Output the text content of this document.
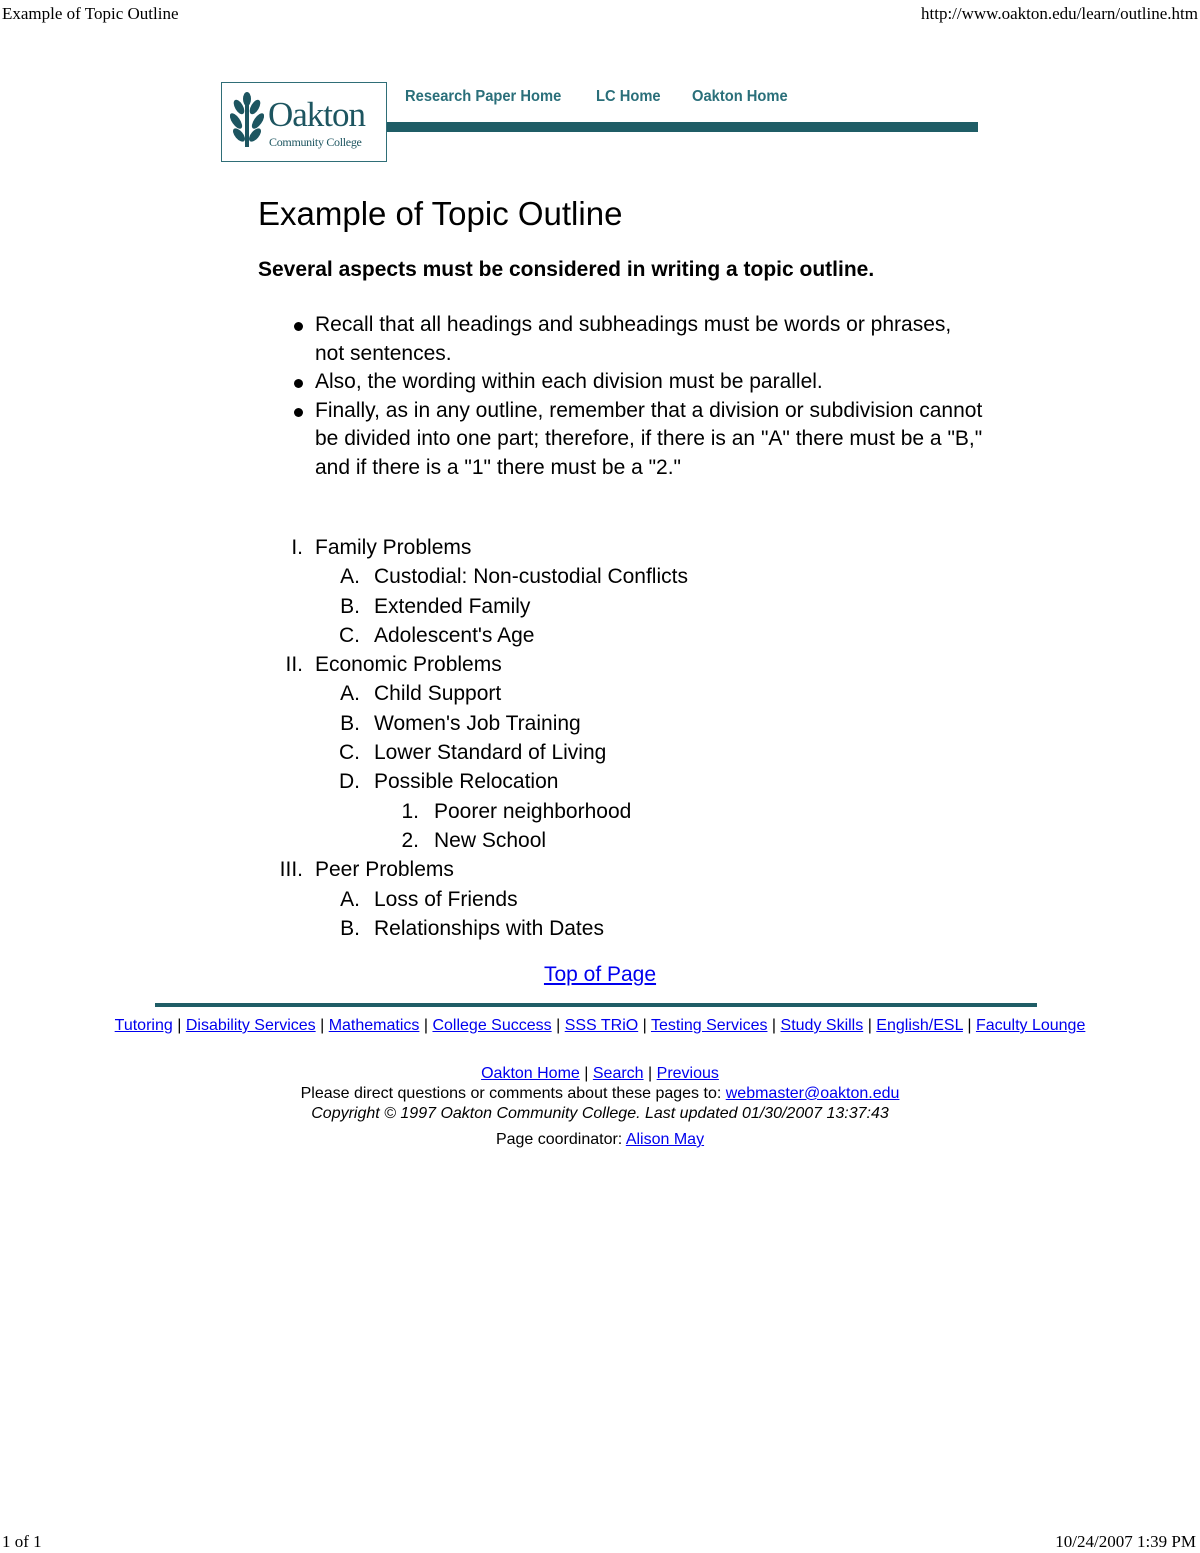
Example of Topic Outline	http://www.oakton.edu/learn/outline.htm
Oakton
Community College
Research Paper Home LC Home Oakton Home
Example of Topic Outline

Several aspects must be considered in writing a topic outline.

Recall that all headings and subheadings must be words or phrases, not sentences.
Also, the wording within each division must be parallel.
Finally, as in any outline, remember that a division or subdivision cannot be divided into one part; therefore, if there is an "A" there must be a "B," and if there is a "1" there must be a "2."
I. Family Problems
A. Custodial: Non-custodial Conflicts
B. Extended Family
C. Adolescent's Age
II. Economic Problems
A. Child Support
B. Women's Job Training
C. Lower Standard of Living
D. Possible Relocation
1. Poorer neighborhood
2. New School
III. Peer Problems
A. Loss of Friends
B. Relationships with Dates
Top of Page
Tutoring | Disability Services | Mathematics | College Success | SSS TRiO | Testing Services | Study Skills | English/ESL | Faculty Lounge
Oakton Home | Search | Previous
Please direct questions or comments about these pages to: webmaster@oakton.edu
Copyright © 1997 Oakton Community College. Last updated 01/30/2007 13:37:43
Page coordinator: Alison May
1 of 1	10/24/2007 1:39 PM
